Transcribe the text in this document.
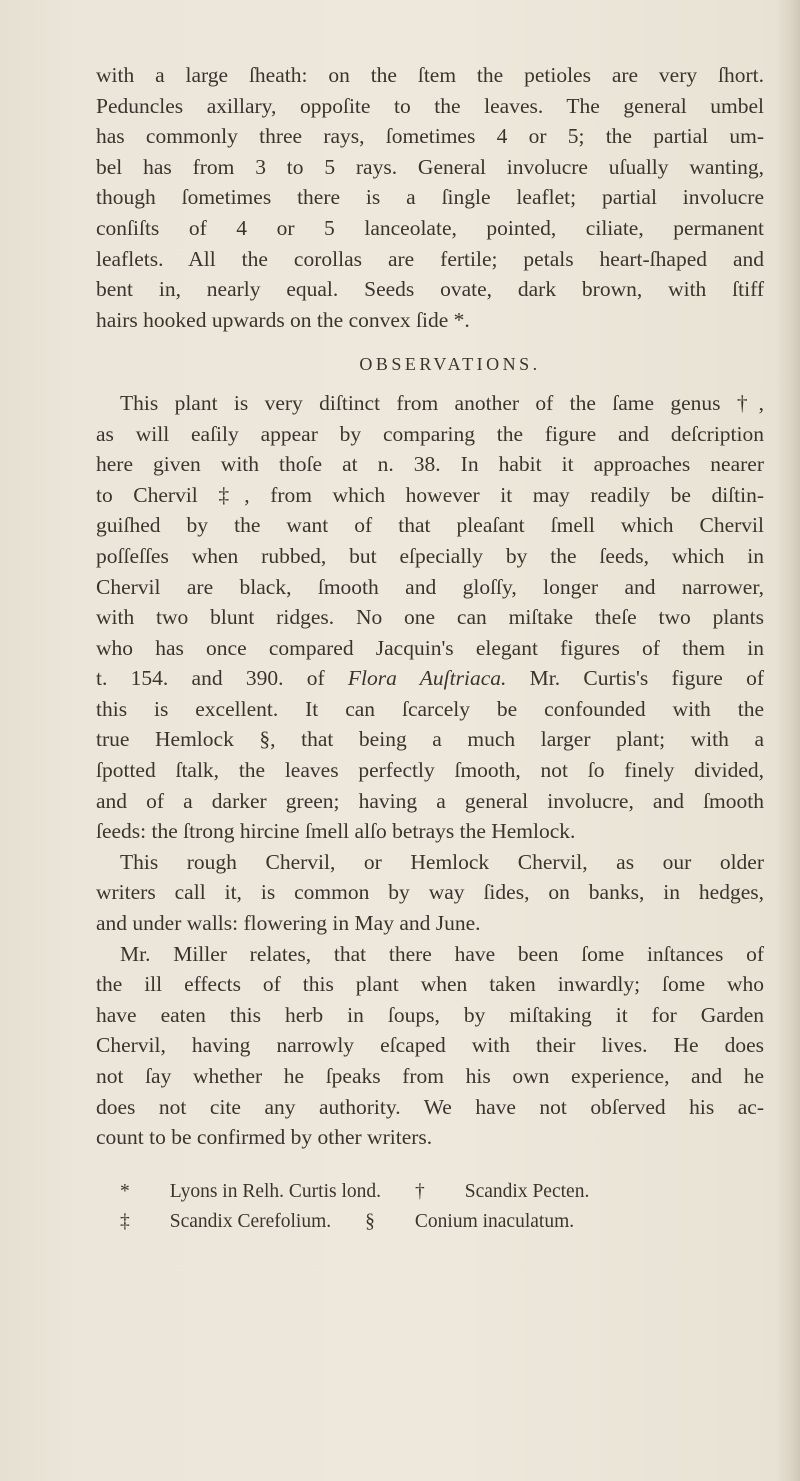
with a large ſheath: on the ſtem the petioles are very ſhort.
Peduncles axillary, oppoſite to the leaves. The general umbel
has commonly three rays, ſometimes 4 or 5; the partial um-
bel has from 3 to 5 rays. General involucre uſually wanting,
though ſometimes there is a ſingle leaflet; partial involucre
conſiſts of 4 or 5 lanceolate, pointed, ciliate, permanent
leaflets. All the corollas are fertile; petals heart-ſhaped and
bent in, nearly equal. Seeds ovate, dark brown, with ſtiff
hairs hooked upwards on the convex ſide *.
OBSERVATIONS.
This plant is very diſtinct from another of the ſame genus †,
as will eaſily appear by comparing the figure and deſcription
here given with thoſe at n. 38. In habit it approaches nearer
to Chervil ‡, from which however it may readily be diſtin-
guiſhed by the want of that pleaſant ſmell which Chervil
poſſeſſes when rubbed, but eſpecially by the ſeeds, which in
Chervil are black, ſmooth and gloſſy, longer and narrower,
with two blunt ridges. No one can miſtake theſe two plants
who has once compared Jacquin's elegant figures of them in
t. 154. and 390. of Flora Auſtriaca. Mr. Curtis's figure of
this is excellent. It can ſcarcely be confounded with the
true Hemlock §, that being a much larger plant; with a
ſpotted ſtalk, the leaves perfectly ſmooth, not ſo finely divided,
and of a darker green; having a general involucre, and ſmooth
ſeeds: the ſtrong hircine ſmell alſo betrays the Hemlock.
This rough Chervil, or Hemlock Chervil, as our older
writers call it, is common by way ſides, on banks, in hedges,
and under walls: flowering in May and June.
Mr. Miller relates, that there have been ſome inſtances of
the ill effects of this plant when taken inwardly; ſome who
have eaten this herb in ſoups, by miſtaking it for Garden
Chervil, having narrowly eſcaped with their lives. He does
not ſay whether he ſpeaks from his own experience, and he
does not cite any authority. We have not obſerved his ac-
count to be confirmed by other writers.
* Lyons in Relh. Curtis lond. † Scandix Pecten.
‡ Scandix Cerefolium. § Conium inaculatum.
